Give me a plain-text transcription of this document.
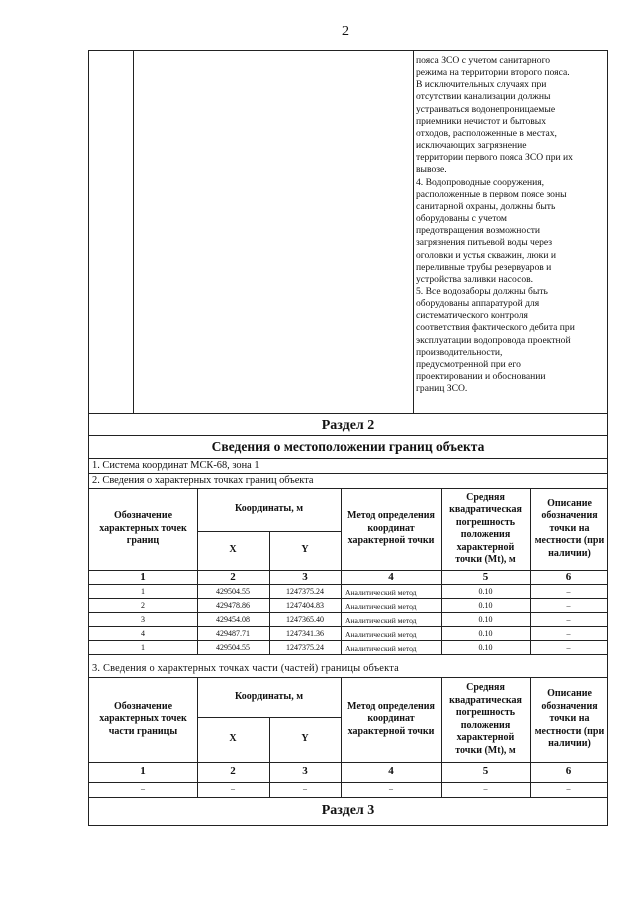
2
пояса ЗСО с учетом санитарного
режима на территории второго пояса.
В исключительных случаях при
отсутствии канализации должны
устраиваться водонепроницаемые
приемники нечистот и бытовых
отходов, расположенные в местах,
исключающих загрязнение
территории первого пояса ЗСО при их
вывозе.
4. Водопроводные сооружения,
расположенные в первом поясе зоны
санитарной охраны, должны быть
оборудованы с учетом
предотвращения возможности
загрязнения питьевой воды через
оголовки и устья скважин, люки и
переливные трубы резервуаров и
устройства заливки насосов.
5. Все водозаборы должны быть
оборудованы аппаратурой для
систематического контроля
соответствия фактического дебита при
эксплуатации водопровода проектной
производительности,
предусмотренной при его
проектировании и обосновании
границ ЗСО.
Раздел 2
Сведения о местоположении границ объекта
1. Система координат МСК-68, зона 1
2. Сведения о характерных точках границ объекта
Обозначение характерных точек границ
Координаты, м
X	Y
Метод определения координат характерной точки
Средняя квадратическая погрешность положения характерной точки (Mt), м
Описание обозначения точки на местности (при наличии)
1	2	3	4	5	6
1	429504.55	1247375.24	Аналитический метод	0.10	–
2	429478.86	1247404.83	Аналитический метод	0.10	–
3	429454.08	1247365.40	Аналитический метод	0.10	–
4	429487.71	1247341.36	Аналитический метод	0.10	–
1	429504.55	1247375.24	Аналитический метод	0.10	–
3. Сведения о характерных точках части (частей) границы объекта
Обозначение характерных точек части границы
Координаты, м
X	Y
Метод определения координат характерной точки
Средняя квадратическая погрешность положения характерной точки (Mt), м
Описание обозначения точки на местности (при наличии)
1	2	3	4	5	6
–	–	–	–	–	–
Раздел 3
